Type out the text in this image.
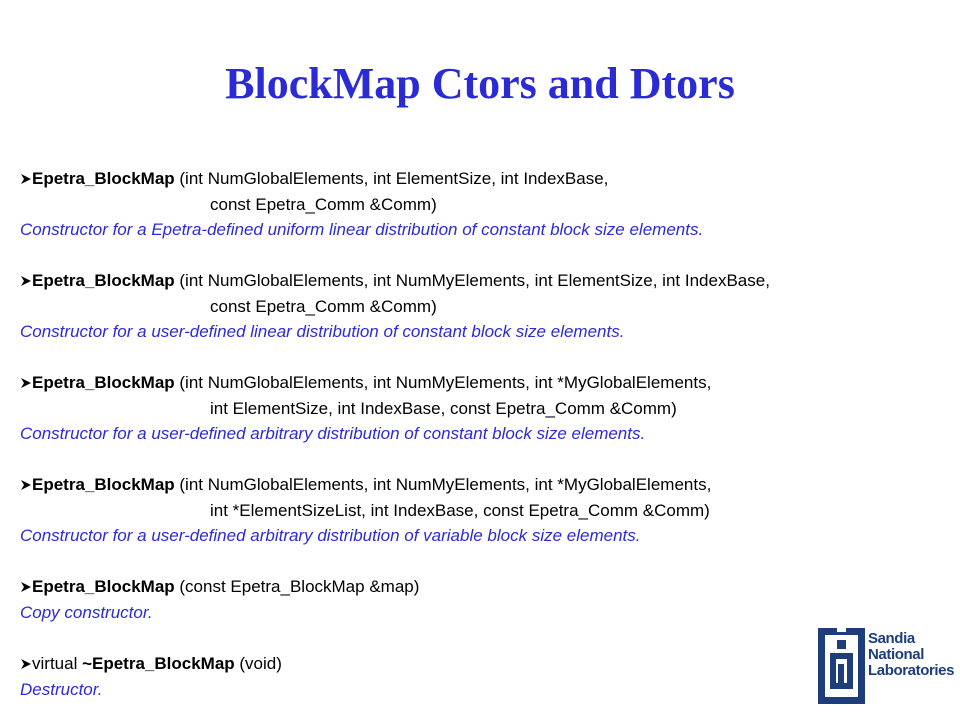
BlockMap Ctors and Dtors
Epetra_BlockMap (int NumGlobalElements, int ElementSize, int IndexBase,
const Epetra_Comm &Comm)
Constructor for a Epetra-defined uniform linear distribution of constant block size elements.
Epetra_BlockMap (int NumGlobalElements, int NumMyElements, int ElementSize, int IndexBase,
const Epetra_Comm &Comm)
Constructor for a user-defined linear distribution of constant block size elements.
Epetra_BlockMap (int NumGlobalElements, int NumMyElements, int *MyGlobalElements,
int ElementSize, int IndexBase, const Epetra_Comm &Comm)
Constructor for a user-defined arbitrary distribution of constant block size elements.
Epetra_BlockMap (int NumGlobalElements, int NumMyElements, int *MyGlobalElements,
int *ElementSizeList, int IndexBase, const Epetra_Comm &Comm)
Constructor for a user-defined arbitrary distribution of variable block size elements.
Epetra_BlockMap (const Epetra_BlockMap &map)
Copy constructor.
virtual ~Epetra_BlockMap (void)
Destructor.
Sandia
National
Laboratories
